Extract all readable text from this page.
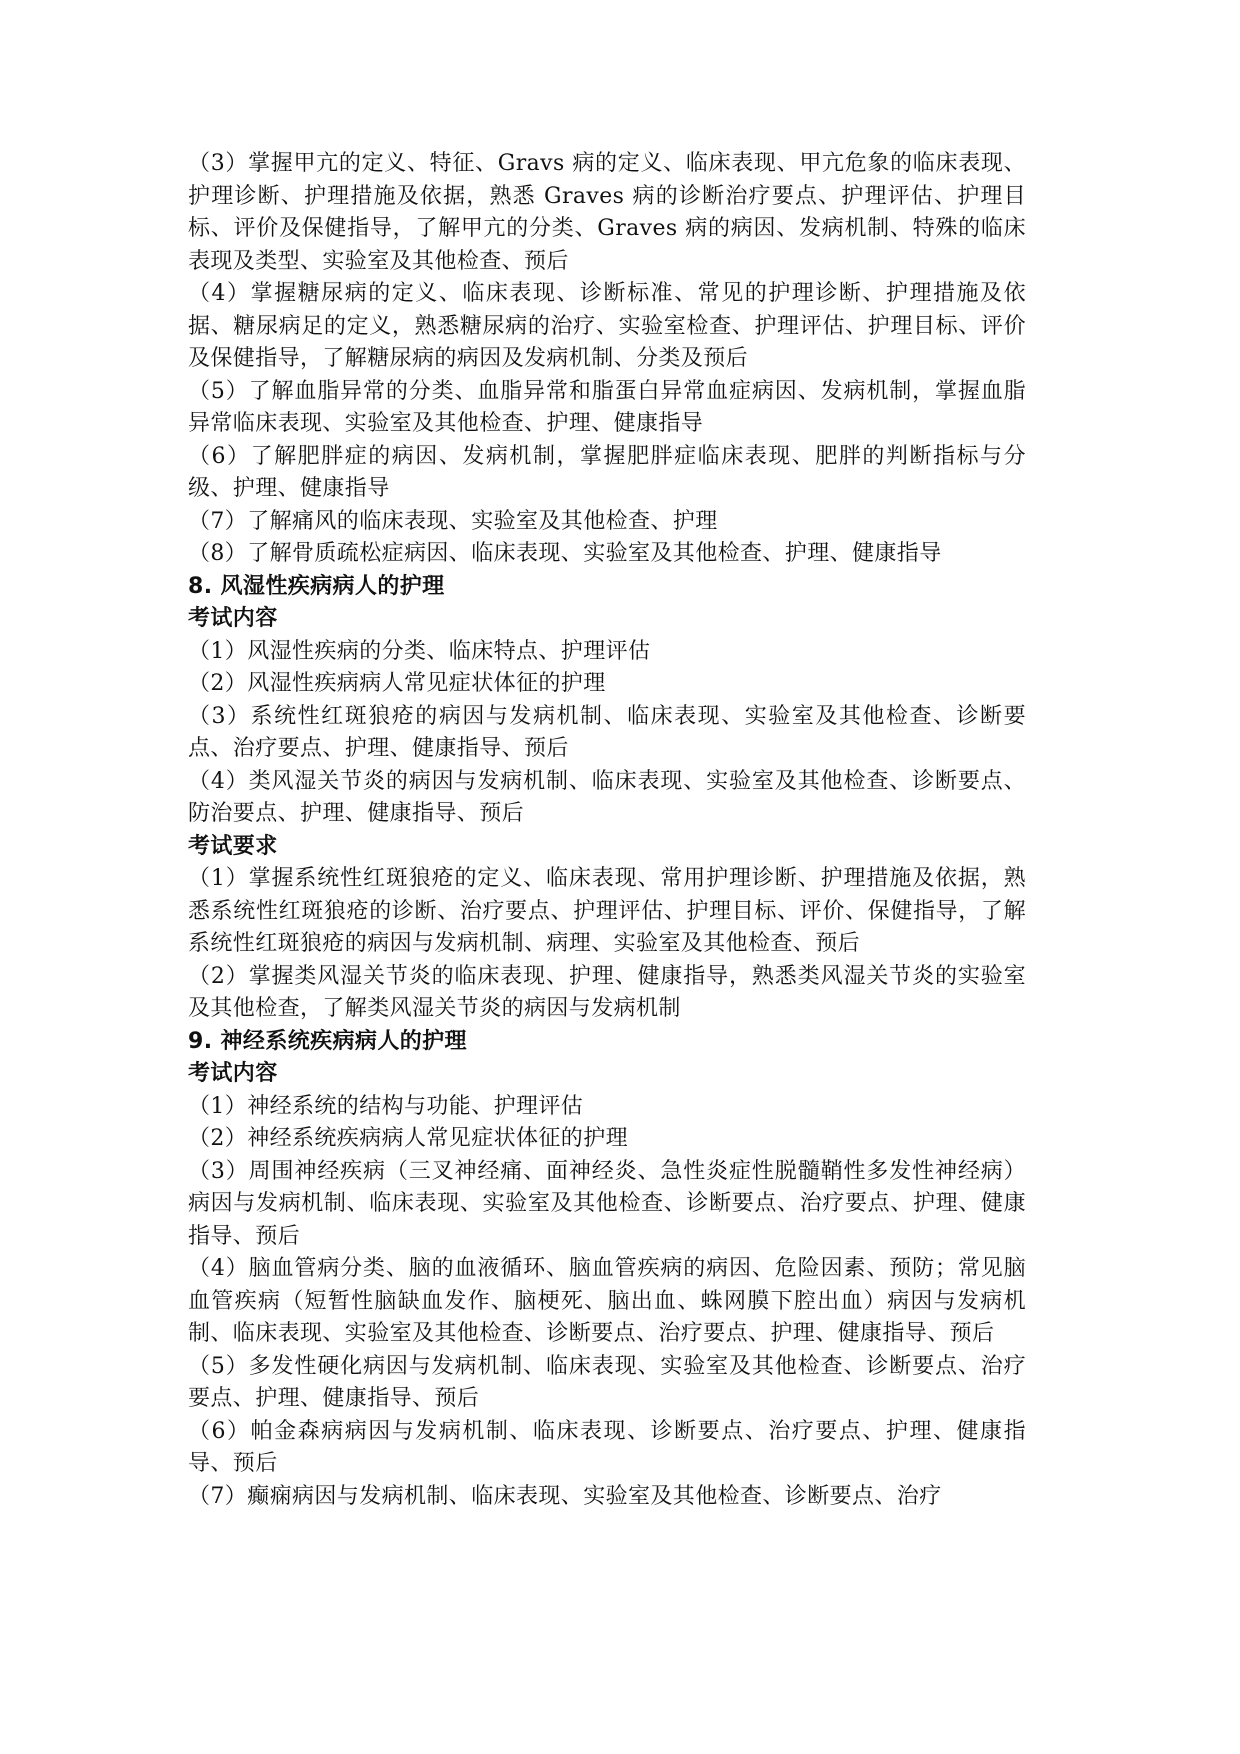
（3）掌握甲亢的定义、特征、Gravs 病的定义、临床表现、甲亢危象的临床表现、护理诊断、护理措施及依据，熟悉 Graves 病的诊断治疗要点、护理评估、护理目标、评价及保健指导，了解甲亢的分类、Graves 病的病因、发病机制、特殊的临床表现及类型、实验室及其他检查、预后

（4）掌握糖尿病的定义、临床表现、诊断标准、常见的护理诊断、护理措施及依据、糖尿病足的定义，熟悉糖尿病的治疗、实验室检查、护理评估、护理目标、评价及保健指导，了解糖尿病的病因及发病机制、分类及预后

（5）了解血脂异常的分类、血脂异常和脂蛋白异常血症病因、发病机制，掌握血脂异常临床表现、实验室及其他检查、护理、健康指导

（6）了解肥胖症的病因、发病机制，掌握肥胖症临床表现、肥胖的判断指标与分级、护理、健康指导

（7）了解痛风的临床表现、实验室及其他检查、护理

（8）了解骨质疏松症病因、临床表现、实验室及其他检查、护理、健康指导

8. 风湿性疾病病人的护理

考试内容

（1）风湿性疾病的分类、临床特点、护理评估

（2）风湿性疾病病人常见症状体征的护理

（3）系统性红斑狼疮的病因与发病机制、临床表现、实验室及其他检查、诊断要点、治疗要点、护理、健康指导、预后

（4）类风湿关节炎的病因与发病机制、临床表现、实验室及其他检查、诊断要点、防治要点、护理、健康指导、预后

考试要求

（1）掌握系统性红斑狼疮的定义、临床表现、常用护理诊断、护理措施及依据，熟悉系统性红斑狼疮的诊断、治疗要点、护理评估、护理目标、评价、保健指导，了解系统性红斑狼疮的病因与发病机制、病理、实验室及其他检查、预后

（2）掌握类风湿关节炎的临床表现、护理、健康指导，熟悉类风湿关节炎的实验室及其他检查，了解类风湿关节炎的病因与发病机制

9. 神经系统疾病病人的护理

考试内容

（1）神经系统的结构与功能、护理评估

（2）神经系统疾病病人常见症状体征的护理

（3）周围神经疾病（三叉神经痛、面神经炎、急性炎症性脱髓鞘性多发性神经病）病因与发病机制、临床表现、实验室及其他检查、诊断要点、治疗要点、护理、健康指导、预后

（4）脑血管病分类、脑的血液循环、脑血管疾病的病因、危险因素、预防；常见脑血管疾病（短暂性脑缺血发作、脑梗死、脑出血、蛛网膜下腔出血）病因与发病机制、临床表现、实验室及其他检查、诊断要点、治疗要点、护理、健康指导、预后

（5）多发性硬化病因与发病机制、临床表现、实验室及其他检查、诊断要点、治疗要点、护理、健康指导、预后

（6）帕金森病病因与发病机制、临床表现、诊断要点、治疗要点、护理、健康指导、预后

（7）癫痫病因与发病机制、临床表现、实验室及其他检查、诊断要点、治疗
